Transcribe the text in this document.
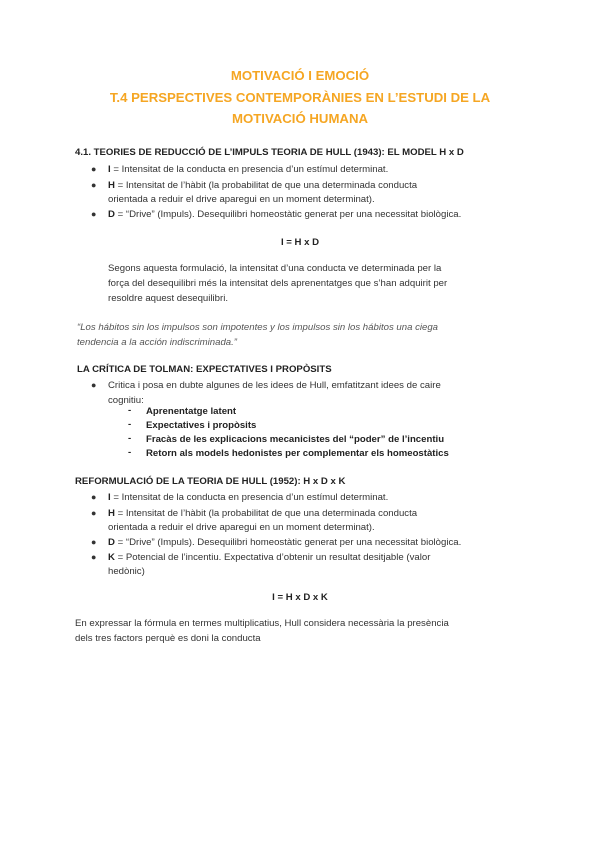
MOTIVACIÓ I EMOCIÓ
T.4 PERSPECTIVES CONTEMPORÀNIES EN L’ESTUDI DE LA
MOTIVACIÓ HUMANA
4.1. TEORIES DE REDUCCIÓ DE L’IMPULS TEORIA DE HULL (1943): EL MODEL H x D
● I = Intensitat de la conducta en presencia d’un estímul determinat.
● H = Intensitat de l’hàbit (la probabilitat de que una determinada conducta
orientada a reduir el drive aparegui en un moment determinat).
● D = “Drive” (Impuls). Desequilibri homeostàtic generat per una necessitat biològica.
I = H x D
Segons aquesta formulació, la intensitat d’una conducta ve determinada per la
força del desequilibri més la intensitat dels aprenentatges que s’han adquirit per
resoldre aquest desequilibri.
“Los hábitos sin los impulsos son impotentes y los impulsos sin los hábitos una ciega
tendencia a la acción indiscriminada.”
LA CRÍTICA DE TOLMAN: EXPECTATIVES I PROPÒSITS
● Critica i posa en dubte algunes de les idees de Hull, emfatitzant idees de caire
cognitiu:
- Aprenentatge latent
- Expectatives i propòsits
- Fracàs de les explicacions mecanicistes del “poder” de l’incentiu
- Retorn als models hedonistes per complementar els homeostàtics
REFORMULACIÓ DE LA TEORIA DE HULL (1952): H x D x K
● I = Intensitat de la conducta en presencia d’un estímul determinat.
● H = Intensitat de l’hàbit (la probabilitat de que una determinada conducta
orientada a reduir el drive aparegui en un moment determinat).
● D = “Drive” (Impuls). Desequilibri homeostàtic generat per una necessitat biològica.
● K = Potencial de l’incentiu. Expectativa d’obtenir un resultat desitjable (valor
hedònic)
I = H x D x K
En expressar la fórmula en termes multiplicatius, Hull considera necessària la presència
dels tres factors perquè es doni la conducta
